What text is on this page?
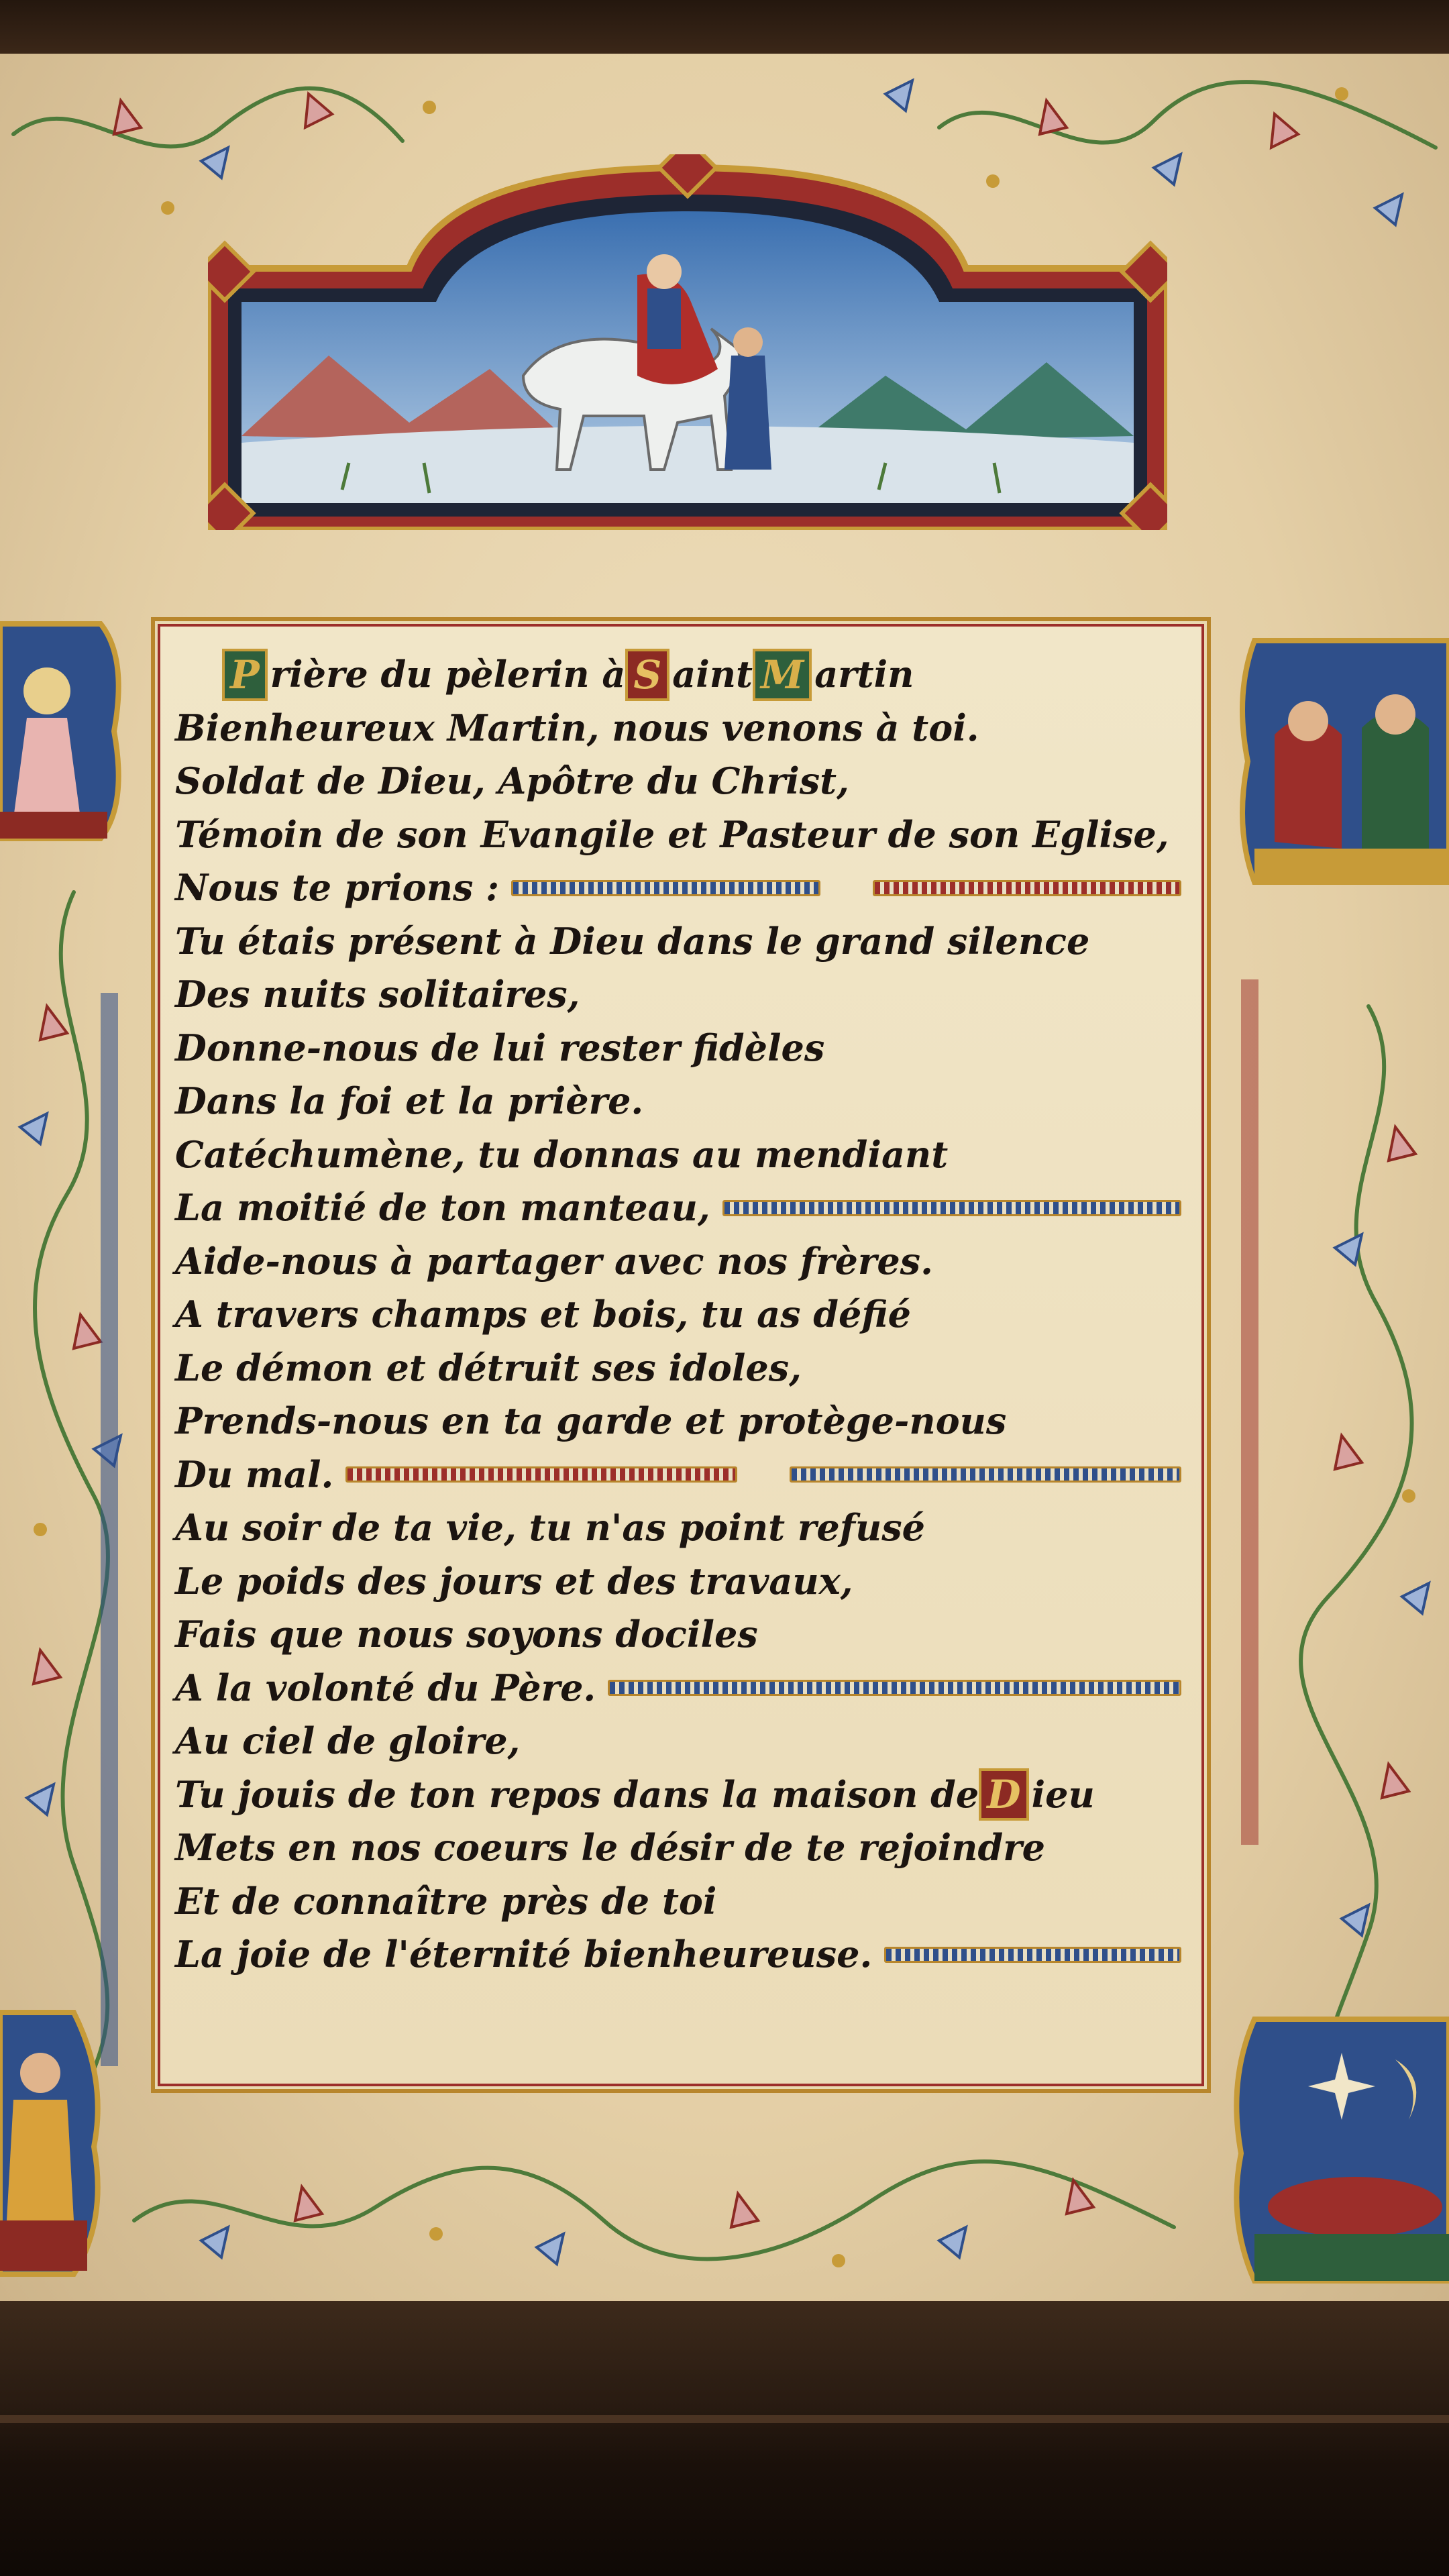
P rière du pèlerin à S aint M artin
Bienheureux Martin, nous venons à toi.
Soldat de Dieu, Apôtre du Christ,
Témoin de son Evangile et Pasteur de son Eglise,
Nous te prions :
Tu étais présent à Dieu dans le grand silence
Des nuits solitaires,
Donne-nous de lui rester fidèles
Dans la foi et la prière.
Catéchumène, tu donnas au mendiant
La moitié de ton manteau,
Aide-nous à partager avec nos frères.
A travers champs et bois, tu as défié
Le démon et détruit ses idoles,
Prends-nous en ta garde et protège-nous
Du mal.
Au soir de ta vie, tu n'as point refusé
Le poids des jours et des travaux,
Fais que nous soyons dociles
A la volonté du Père.
Au ciel de gloire,
Tu jouis de ton repos dans la maison de D ieu
Mets en nos coeurs le désir de te rejoindre
Et de connaître près de toi
La joie de l'éternité bienheureuse.
